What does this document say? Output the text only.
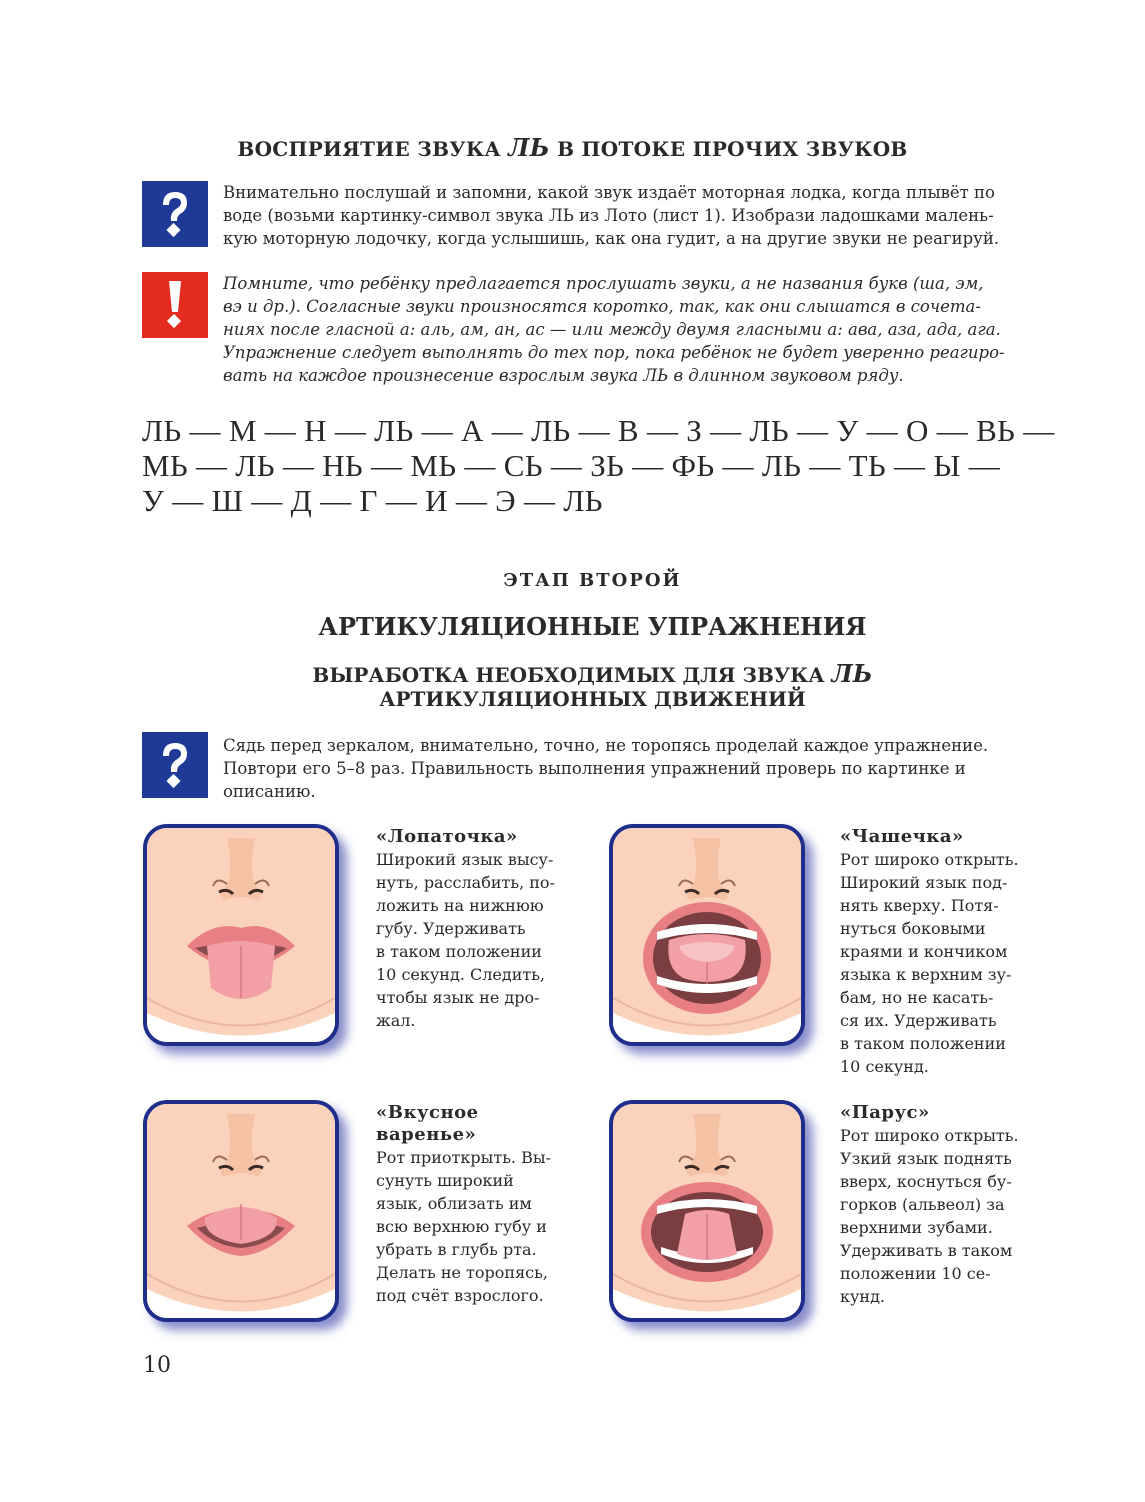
ВОСПРИЯТИЕ ЗВУКА ЛЬ В ПОТОКЕ ПРОЧИХ ЗВУКОВ
Внимательно послушай и запомни, какой звук издаёт моторная лодка, когда плывёт по
воде (возьми картинку-символ звука ЛЬ из Лото (лист 1). Изобрази ладошками малень-
кую моторную лодочку, когда услышишь, как она гудит, а на другие звуки не реагируй.
Помните, что ребёнку предлагается прослушать звуки, а не названия букв (ша, эм,
вэ и др.). Согласные звуки произносятся коротко, так, как они слышатся в сочета-
ниях после гласной а: аль, ам, ан, ас — или между двумя гласными а: ава, аза, ада, ага.
Упражнение следует выполнять до тех пор, пока ребёнок не будет уверенно реагиро-
вать на каждое произнесение взрослым звука ЛЬ в длинном звуковом ряду.
ЛЬ — М — Н — ЛЬ — А — ЛЬ — В — З — ЛЬ — У — О — ВЬ —
МЬ — ЛЬ — НЬ — МЬ — СЬ — ЗЬ — ФЬ — ЛЬ — ТЬ — Ы —
У — Ш — Д — Г — И — Э — ЛЬ
ЭТАП ВТОРОЙ
АРТИКУЛЯЦИОННЫЕ УПРАЖНЕНИЯ
ВЫРАБОТКА НЕОБХОДИМЫХ ДЛЯ ЗВУКА ЛЬ
АРТИКУЛЯЦИОННЫХ ДВИЖЕНИЙ
Сядь перед зеркалом, внимательно, точно, не торопясь проделай каждое упражнение.
Повтори его 5–8 раз. Правильность выполнения упражнений проверь по картинке и
описанию.
«Лопаточка»
Широкий язык высу-
нуть, расслабить, по-
ложить на нижнюю
губу. Удерживать
в таком положении
10 секунд. Следить,
чтобы язык не дро-
жал.
«Чашечка»
Рот широко открыть.
Широкий язык под-
нять кверху. Потя-
нуться боковыми
краями и кончиком
языка к верхним зу-
бам, но не касать-
ся их. Удерживать
в таком положении
10 секунд.
«Вкусное
варенье»
Рот приоткрыть. Вы-
сунуть широкий
язык, облизать им
всю верхнюю губу и
убрать в глубь рта.
Делать не торопясь,
под счёт взрослого.
«Парус»
Рот широко открыть.
Узкий язык поднять
вверх, коснуться бу-
горков (альвеол) за
верхними зубами.
Удерживать в таком
положении 10 се-
кунд.
10
